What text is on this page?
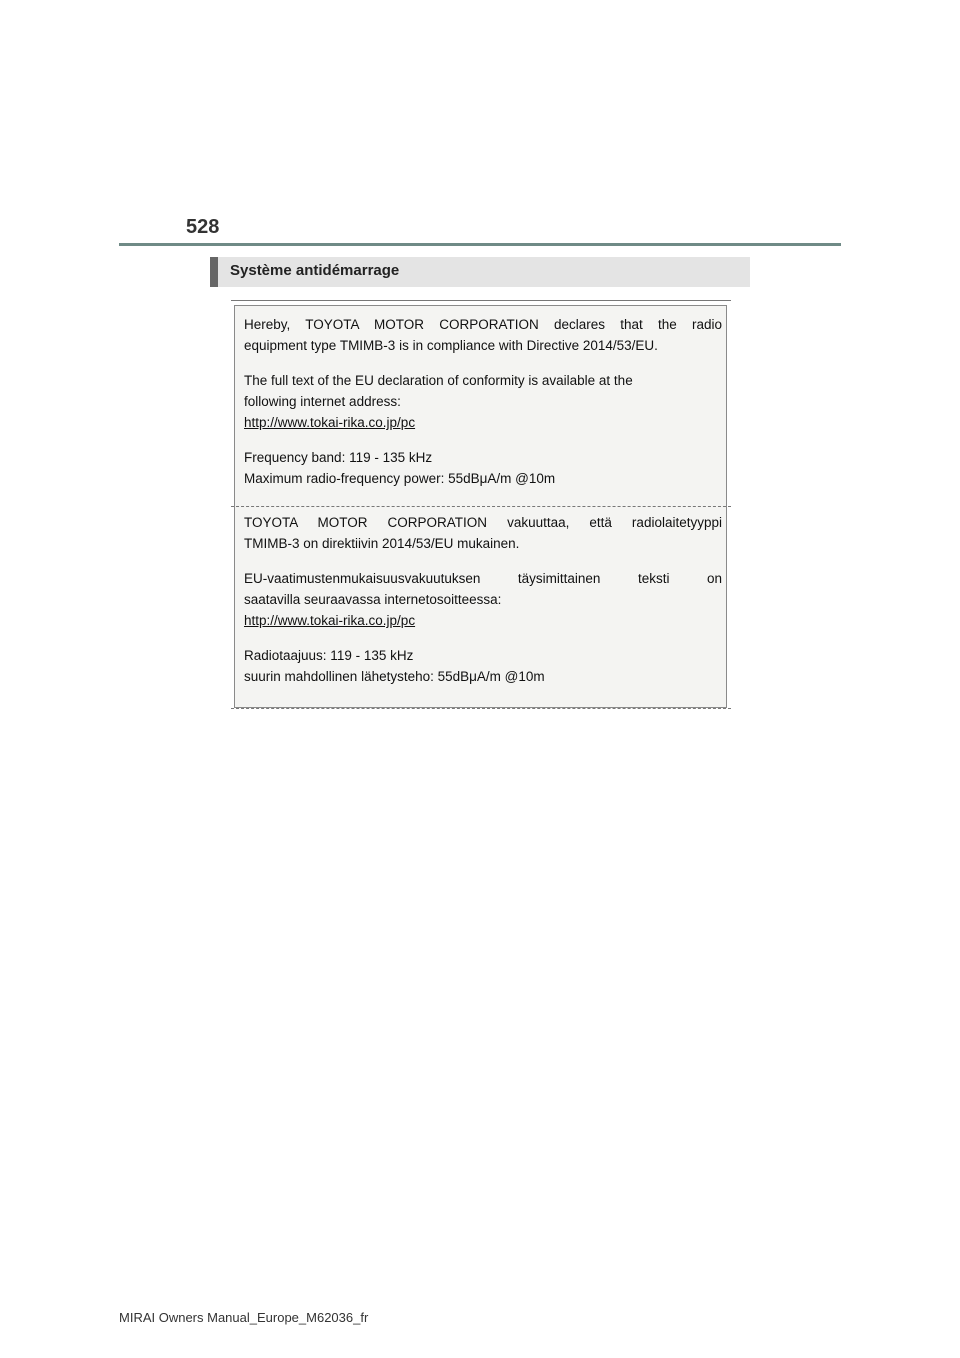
528
Système antidémarrage

Hereby, TOYOTA MOTOR CORPORATION declares that the radio

equipment type TMIMB-3 is in compliance with Directive 2014/53/EU.

The full text of the EU declaration of conformity is available at the

following internet address:

http://www.tokai-rika.co.jp/pc

Frequency band: 119 - 135 kHz

Maximum radio-frequency power: 55dBμA/m @10m

TOYOTA MOTOR CORPORATION vakuuttaa, että radiolaitetyyppi

TMIMB-3 on direktiivin 2014/53/EU mukainen.

EU-vaatimustenmukaisuusvakuutuksen täysimittainen teksti on

saatavilla seuraavassa internetosoitteessa:

http://www.tokai-rika.co.jp/pc

Radiotaajuus: 119 - 135 kHz

suurin mahdollinen lähetysteho: 55dBμA/m @10m

MIRAI Owners Manual_Europe_M62036_fr
